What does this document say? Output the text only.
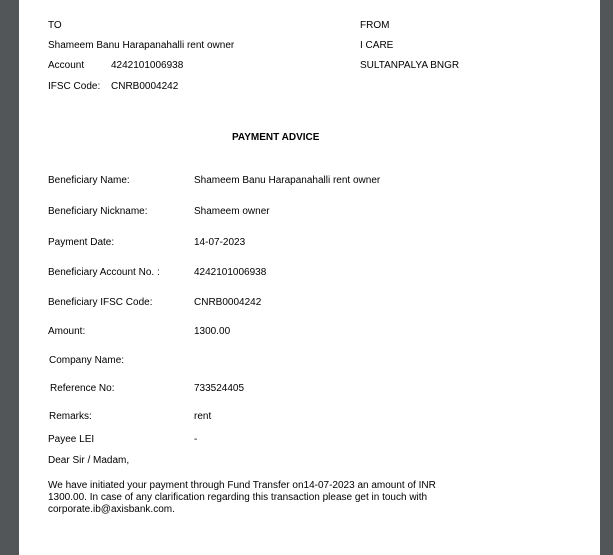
TO
Shameem Banu Harapanahalli rent owner
Account	4242101006938
IFSC Code: CNRB0004242
FROM
I CARE
SULTANPALYA BNGR
PAYMENT ADVICE
Beneficiary Name:	Shameem Banu Harapanahalli rent owner
Beneficiary Nickname:	Shameem owner
Payment Date:	14-07-2023
Beneficiary Account No. :	4242101006938
Beneficiary IFSC Code:	CNRB0004242
Amount:	1300.00
Company Name:
Reference No:	733524405
Remarks:	rent
Payee LEI	-
Dear Sir / Madam,
We have initiated your payment through Fund Transfer on14-07-2023 an amount of INR 1300.00. In case of any clarification regarding this transaction please get in touch with corporate.ib@axisbank.com.
